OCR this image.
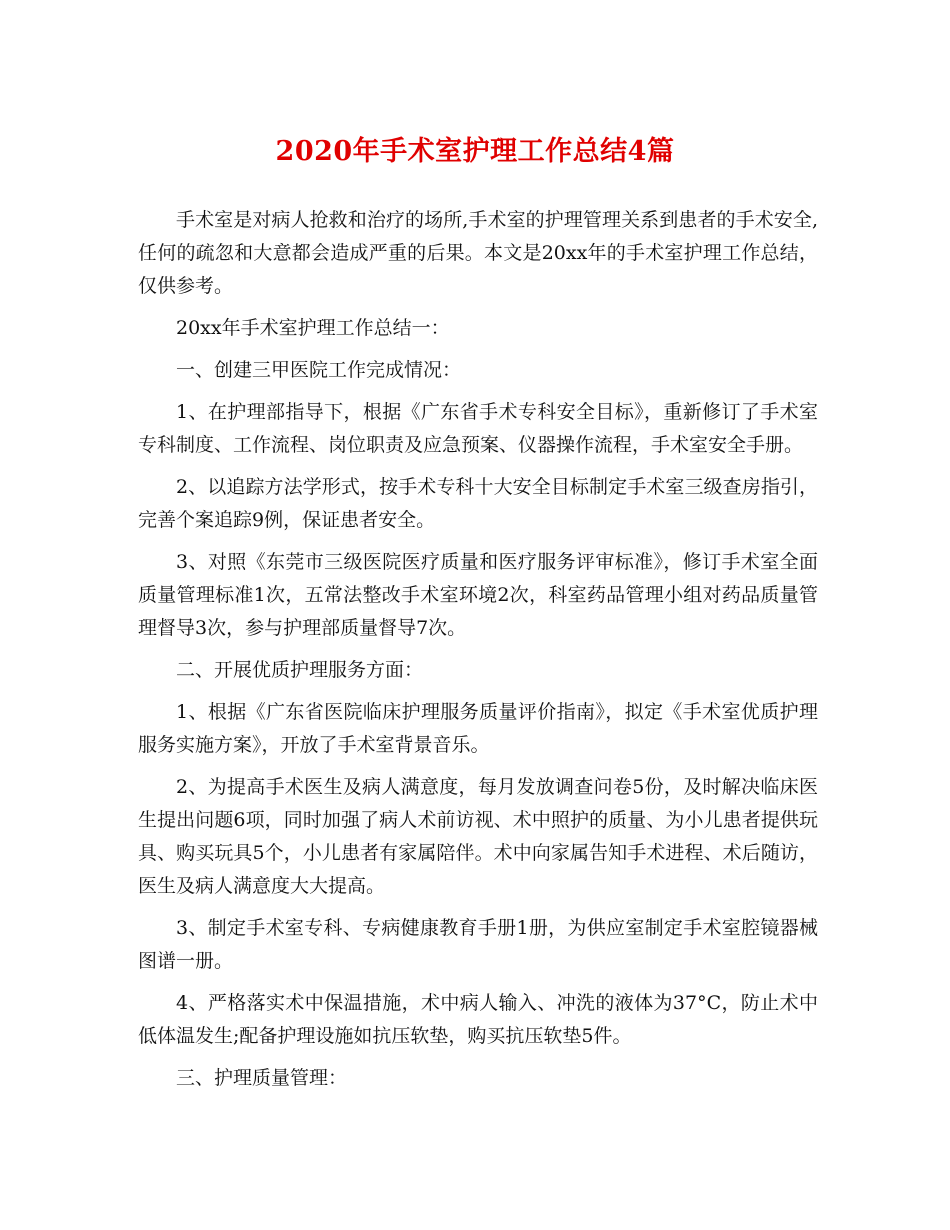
2020年手术室护理工作总结4篇

手术室是对病人抢救和治疗的场所,手术室的护理管理关系到患者的手术安全,任何的疏忽和大意都会造成严重的后果。本文是20xx年的手术室护理工作总结，仅供参考。

20xx年手术室护理工作总结一：

一、创建三甲医院工作完成情况：

1、在护理部指导下，根据《广东省手术专科安全目标》，重新修订了手术室专科制度、工作流程、岗位职责及应急预案、仪器操作流程，手术室安全手册。

2、以追踪方法学形式，按手术专科十大安全目标制定手术室三级查房指引，完善个案追踪9例，保证患者安全。

3、对照《东莞市三级医院医疗质量和医疗服务评审标准》，修订手术室全面质量管理标准1次，五常法整改手术室环境2次，科室药品管理小组对药品质量管理督导3次，参与护理部质量督导7次。

二、开展优质护理服务方面：

1、根据《广东省医院临床护理服务质量评价指南》，拟定《手术室优质护理服务实施方案》，开放了手术室背景音乐。

2、为提高手术医生及病人满意度，每月发放调查问卷5份，及时解决临床医生提出问题6项，同时加强了病人术前访视、术中照护的质量、为小儿患者提供玩具、购买玩具5个，小儿患者有家属陪伴。术中向家属告知手术进程、术后随访，医生及病人满意度大大提高。

3、制定手术室专科、专病健康教育手册1册，为供应室制定手术室腔镜器械图谱一册。

4、严格落实术中保温措施，术中病人输入、冲洗的液体为37°C，防止术中低体温发生;配备护理设施如抗压软垫，购买抗压软垫5件。

三、护理质量管理：
